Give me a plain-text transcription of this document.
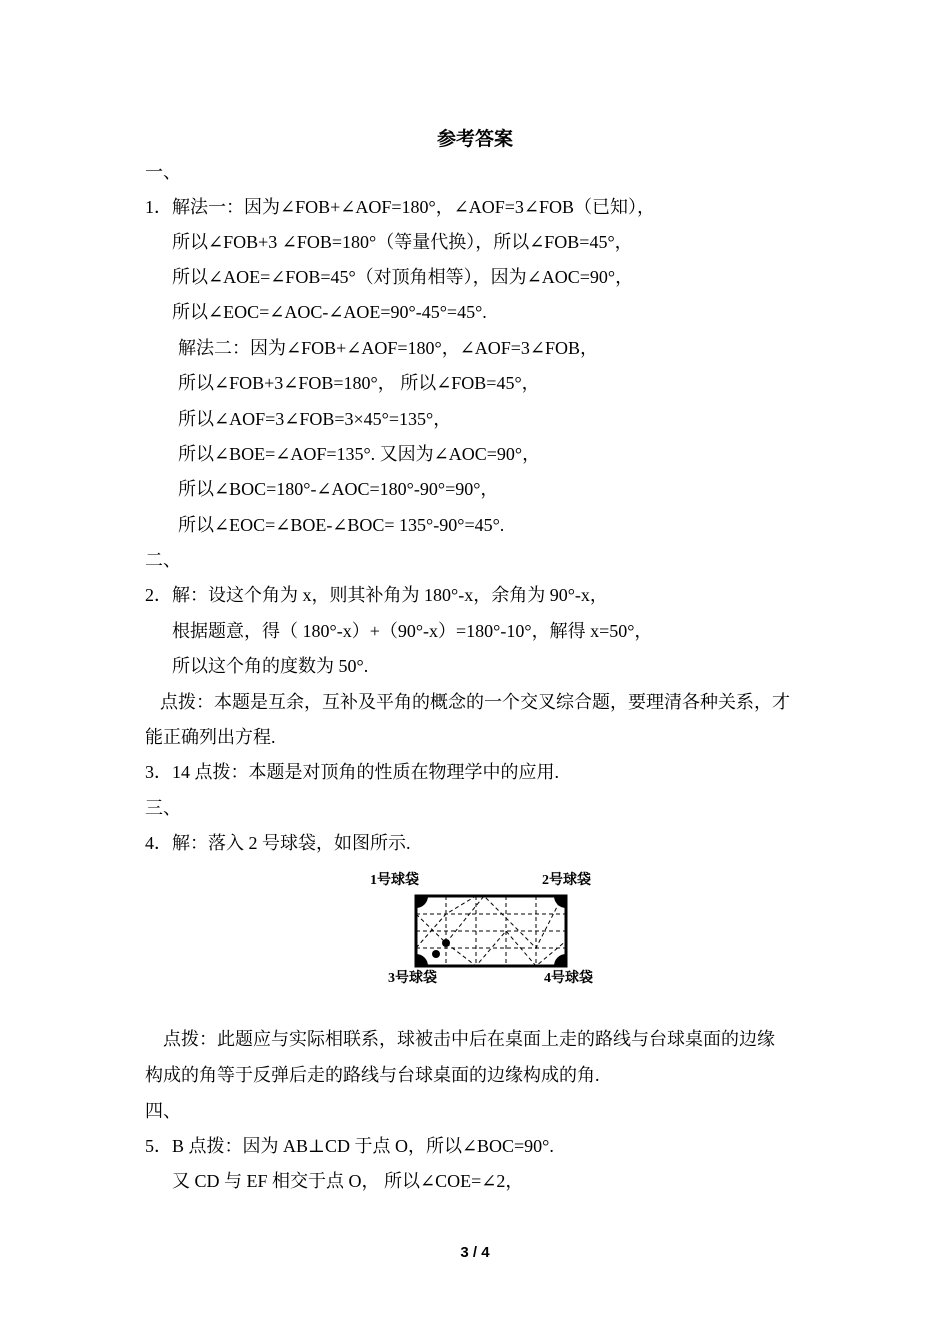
参考答案
一、
1．解法一：因为∠FOB+∠AOF=180°，∠AOF=3∠FOB（已知），
所以∠FOB+3 ∠FOB=180°（等量代换），所以∠FOB=45°，
所以∠AOE=∠FOB=45°（对顶角相等），因为∠AOC=90°，
所以∠EOC=∠AOC-∠AOE=90°-45°=45°.
解法二：因为∠FOB+∠AOF=180°，∠AOF=3∠FOB，
所以∠FOB+3∠FOB=180°， 所以∠FOB=45°，
所以∠AOF=3∠FOB=3×45°=135°，
所以∠BOE=∠AOF=135°. 又因为∠AOC=90°，
所以∠BOC=180°-∠AOC=180°-90°=90°，
所以∠EOC=∠BOE-∠BOC= 135°-90°=45°.
二、
2．解：设这个角为 x，则其补角为 180°-x，余角为 90°-x，
根据题意，得（ 180°-x）+（90°-x）=180°-10°，解得 x=50°，
所以这个角的度数为 50°.
点拨：本题是互余，互补及平角的概念的一个交叉综合题，要理清各种关系，才
能正确列出方程.
3．14 点拨：本题是对顶角的性质在物理学中的应用.
三、
4．解：落入 2 号球袋，如图所示.
1号球袋	2号球袋
3号球袋	4号球袋
点拨：此题应与实际相联系，球被击中后在桌面上走的路线与台球桌面的边缘
构成的角等于反弹后走的路线与台球桌面的边缘构成的角.
四、
5．B 点拨：因为 AB⊥CD 于点 O，所以∠BOC=90°.
又 CD 与 EF 相交于点 O， 所以∠COE=∠2，
3 / 4
